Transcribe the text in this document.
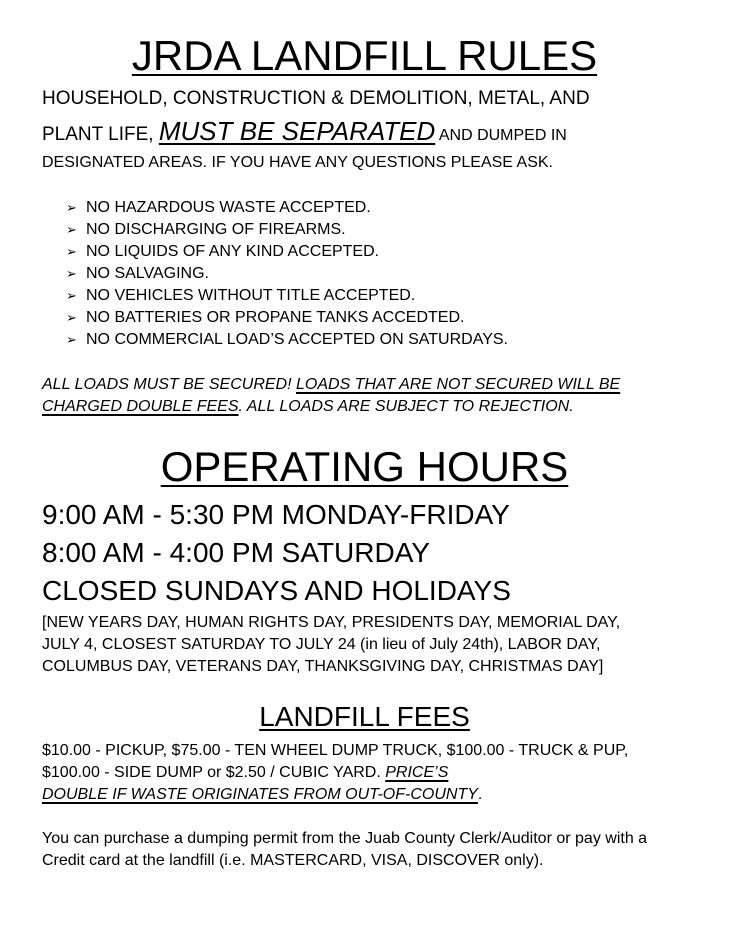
JRDA LANDFILL RULES
HOUSEHOLD, CONSTRUCTION & DEMOLITION, METAL, AND
PLANT LIFE, MUST BE SEPARATED AND DUMPED IN
DESIGNATED AREAS. IF YOU HAVE ANY QUESTIONS PLEASE ASK.
➢ NO HAZARDOUS WASTE ACCEPTED.
➢ NO DISCHARGING OF FIREARMS.
➢ NO LIQUIDS OF ANY KIND ACCEPTED.
➢ NO SALVAGING.
➢ NO VEHICLES WITHOUT TITLE ACCEPTED.
➢ NO BATTERIES OR PROPANE TANKS ACCEDTED.
➢ NO COMMERCIAL LOAD’S ACCEPTED ON SATURDAYS.
ALL LOADS MUST BE SECURED! LOADS THAT ARE NOT SECURED WILL BE
CHARGED DOUBLE FEES. ALL LOADS ARE SUBJECT TO REJECTION.
OPERATING HOURS
9:00 AM - 5:30 PM MONDAY-FRIDAY
8:00 AM - 4:00 PM SATURDAY
CLOSED SUNDAYS AND HOLIDAYS
[NEW YEARS DAY, HUMAN RIGHTS DAY, PRESIDENTS DAY, MEMORIAL DAY,
JULY 4, CLOSEST SATURDAY TO JULY 24 (in lieu of July 24th), LABOR DAY,
COLUMBUS DAY, VETERANS DAY, THANKSGIVING DAY, CHRISTMAS DAY]
LANDFILL FEES
$10.00 - PICKUP, $75.00 - TEN WHEEL DUMP TRUCK, $100.00 - TRUCK & PUP,
$100.00 - SIDE DUMP or $2.50 / CUBIC YARD. PRICE’S
DOUBLE IF WASTE ORIGINATES FROM OUT-OF-COUNTY.
You can purchase a dumping permit from the Juab County Clerk/Auditor or pay with a
Credit card at the landfill (i.e. MASTERCARD, VISA, DISCOVER only).
